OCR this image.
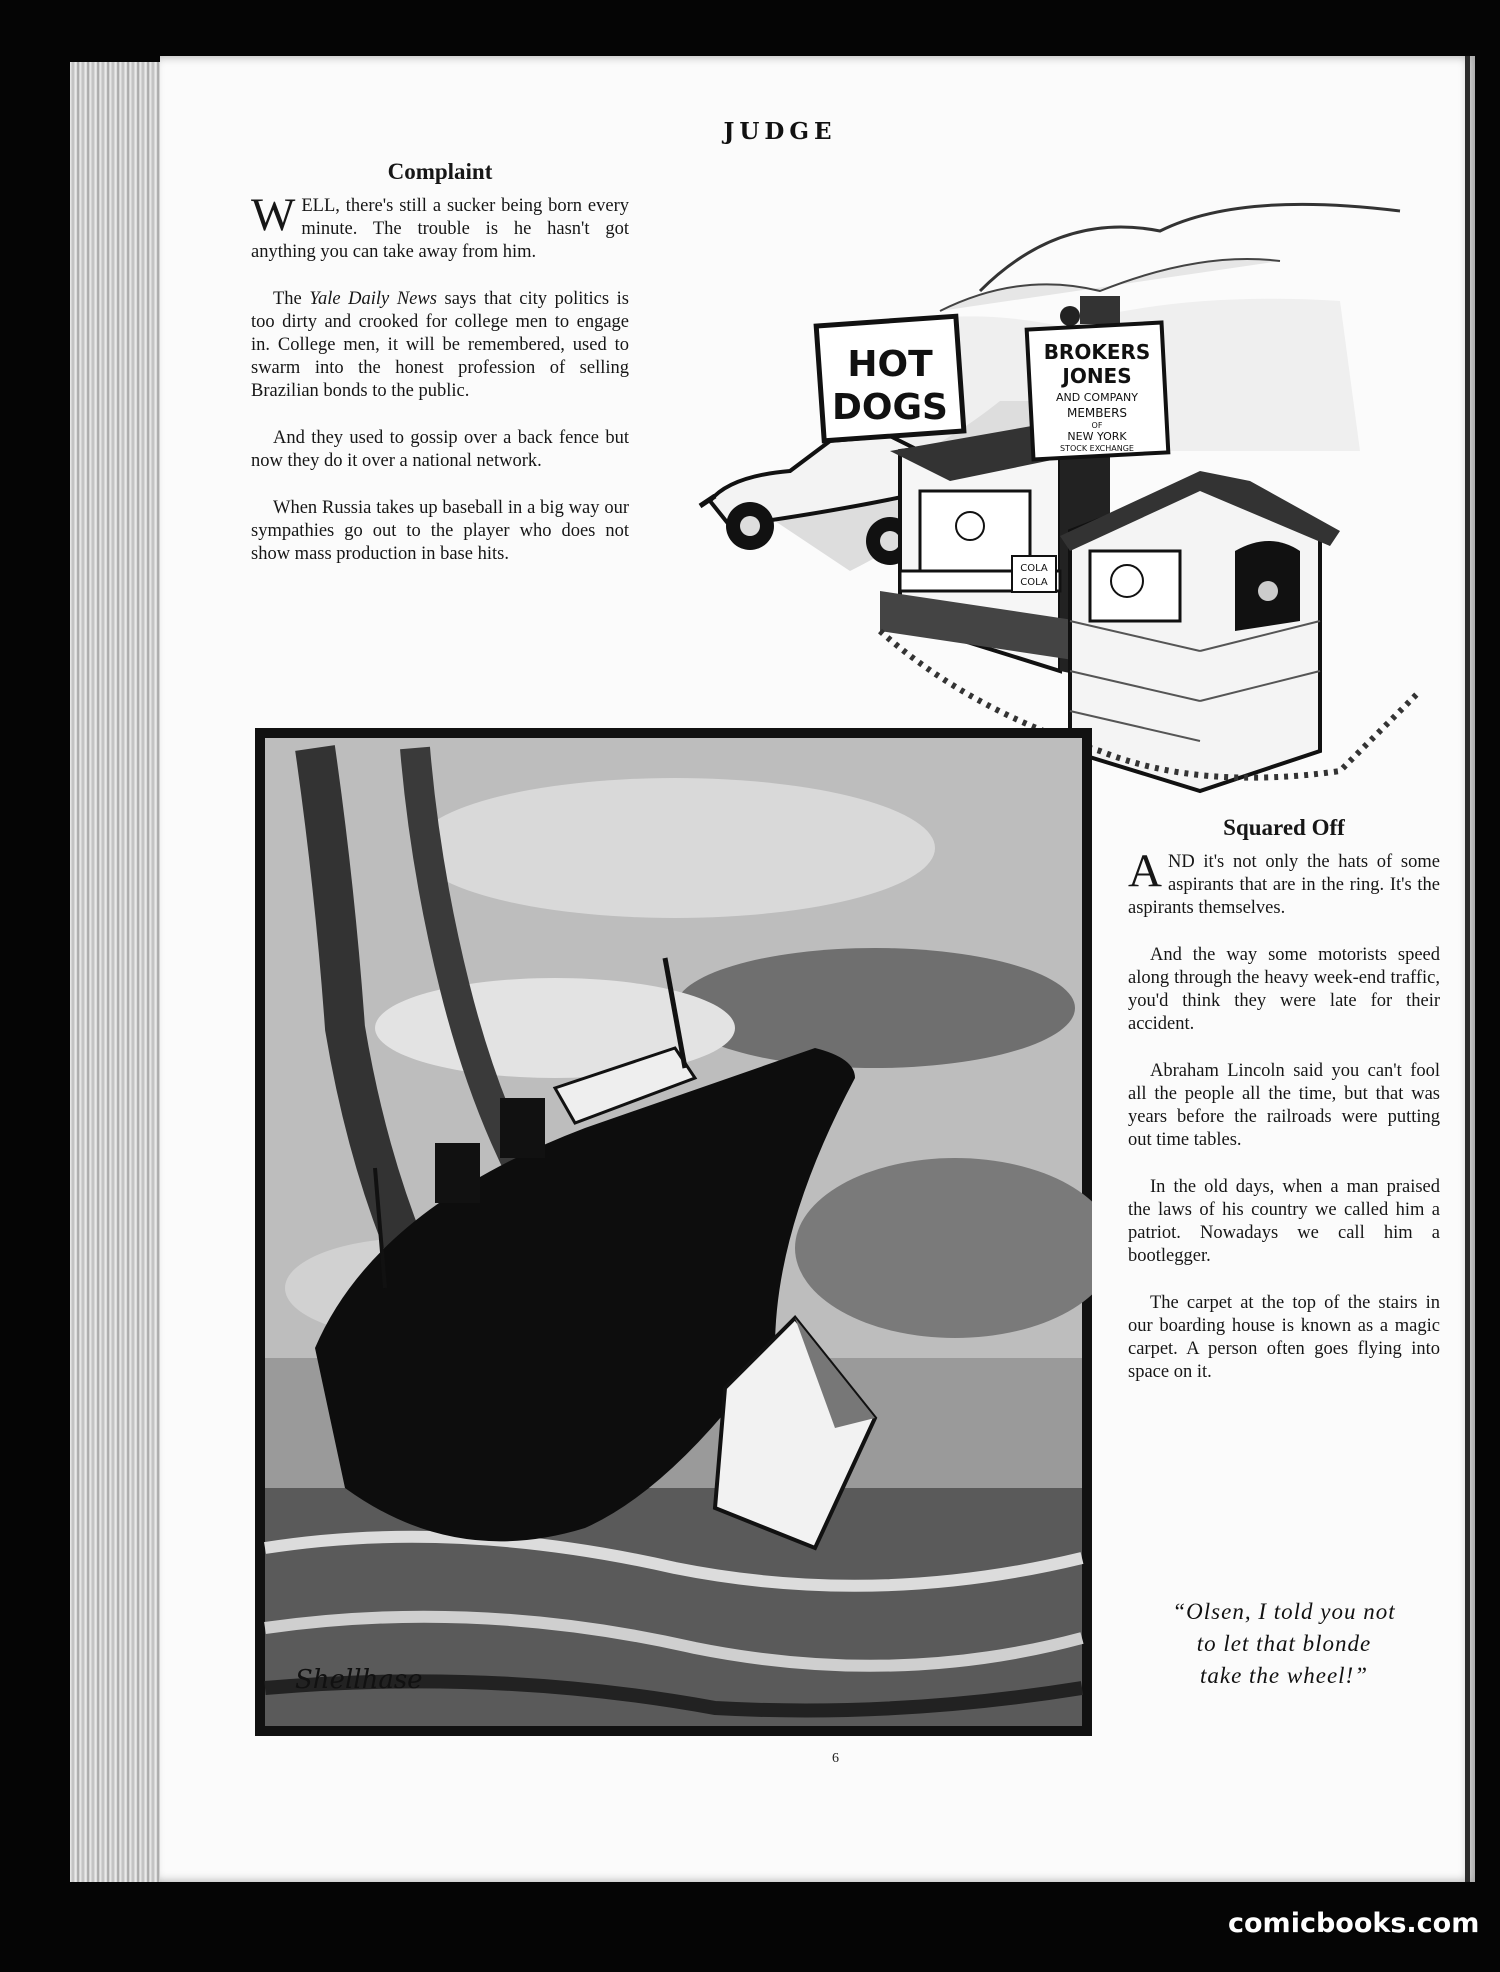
JUDGE
Complaint

WELL, there's still a sucker being born every minute. The trouble is he hasn't got anything you can take away from him.

The Yale Daily News says that city politics is too dirty and crooked for college men to engage in. College men, it will be remembered, used to swarm into the honest profession of selling Brazilian bonds to the public.

And they used to gossip over a back fence but now they do it over a national network.

When Russia takes up baseball in a big way our sympathies go out to the player who does not show mass production in base hits.

HOT
DOGS
BROKERS
JONES
AND COMPANY
MEMBERS
OF
NEW YORK
STOCK EXCHANGE
COLA
COLA
Shellhase
Squared Off

AND it's not only the hats of some aspirants that are in the ring. It's the aspirants themselves.

And the way some motorists speed along through the heavy week-end traffic, you'd think they were late for their accident.

Abraham Lincoln said you can't fool all the people all the time, but that was years before the railroads were putting out time tables.

In the old days, when a man praised the laws of his country we called him a patriot. Nowadays we call him a bootlegger.

The carpet at the top of the stairs in our boarding house is known as a magic carpet. A person often goes flying into space on it.

“Olsen, I told you not
to let that blonde
take the wheel!”
6
comicbooks.com
